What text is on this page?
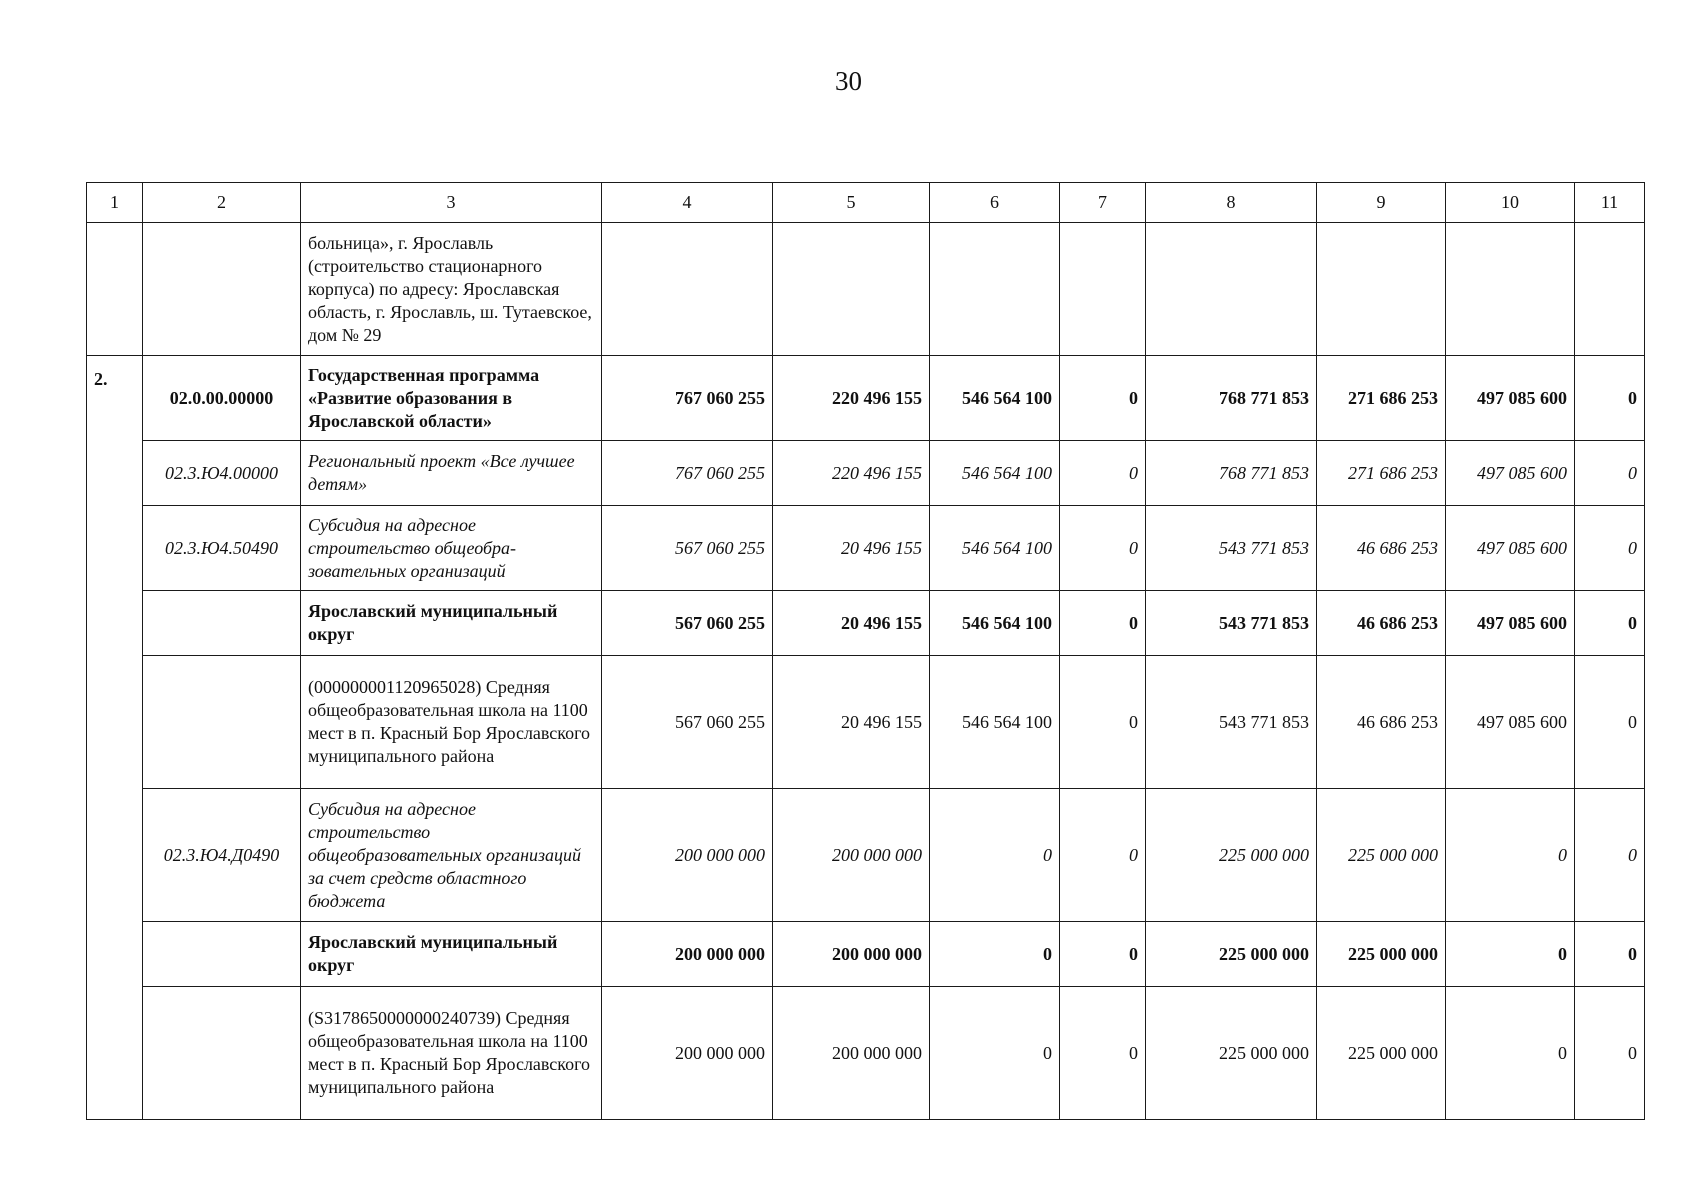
30
1	2	3	4	5	6	7	8	9	10	11
		больница», г. Ярославль (строительство стационарного корпуса) по адресу: Ярославская область, г. Ярославль, ш. Тутаевское, дом № 29								
2.	02.0.00.00000	Государственная программа «Развитие образования в Ярославской области»	767 060 255	220 496 155	546 564 100	0	768 771 853	271 686 253	497 085 600	0
	02.3.Ю4.00000	Региональный проект «Все лучшее детям»	767 060 255	220 496 155	546 564 100	0	768 771 853	271 686 253	497 085 600	0
	02.3.Ю4.50490	Субсидия на адресное строительство общеобра-зовательных организаций	567 060 255	20 496 155	546 564 100	0	543 771 853	46 686 253	497 085 600	0
		Ярославский муниципальный округ	567 060 255	20 496 155	546 564 100	0	543 771 853	46 686 253	497 085 600	0
		(000000001120965028) Средняя общеобразовательная школа на 1100 мест в п. Красный Бор Ярославского муниципального района	567 060 255	20 496 155	546 564 100	0	543 771 853	46 686 253	497 085 600	0
	02.3.Ю4.Д0490	Субсидия на адресное строительство общеобразовательных организаций за счет средств областного бюджета	200 000 000	200 000 000	0	0	225 000 000	225 000 000	0	0
		Ярославский муниципальный округ	200 000 000	200 000 000	0	0	225 000 000	225 000 000	0	0
		(S3178650000000240739) Средняя общеобразовательная школа на 1100 мест в п. Красный Бор Ярославского муниципального района	200 000 000	200 000 000	0	0	225 000 000	225 000 000	0	0
